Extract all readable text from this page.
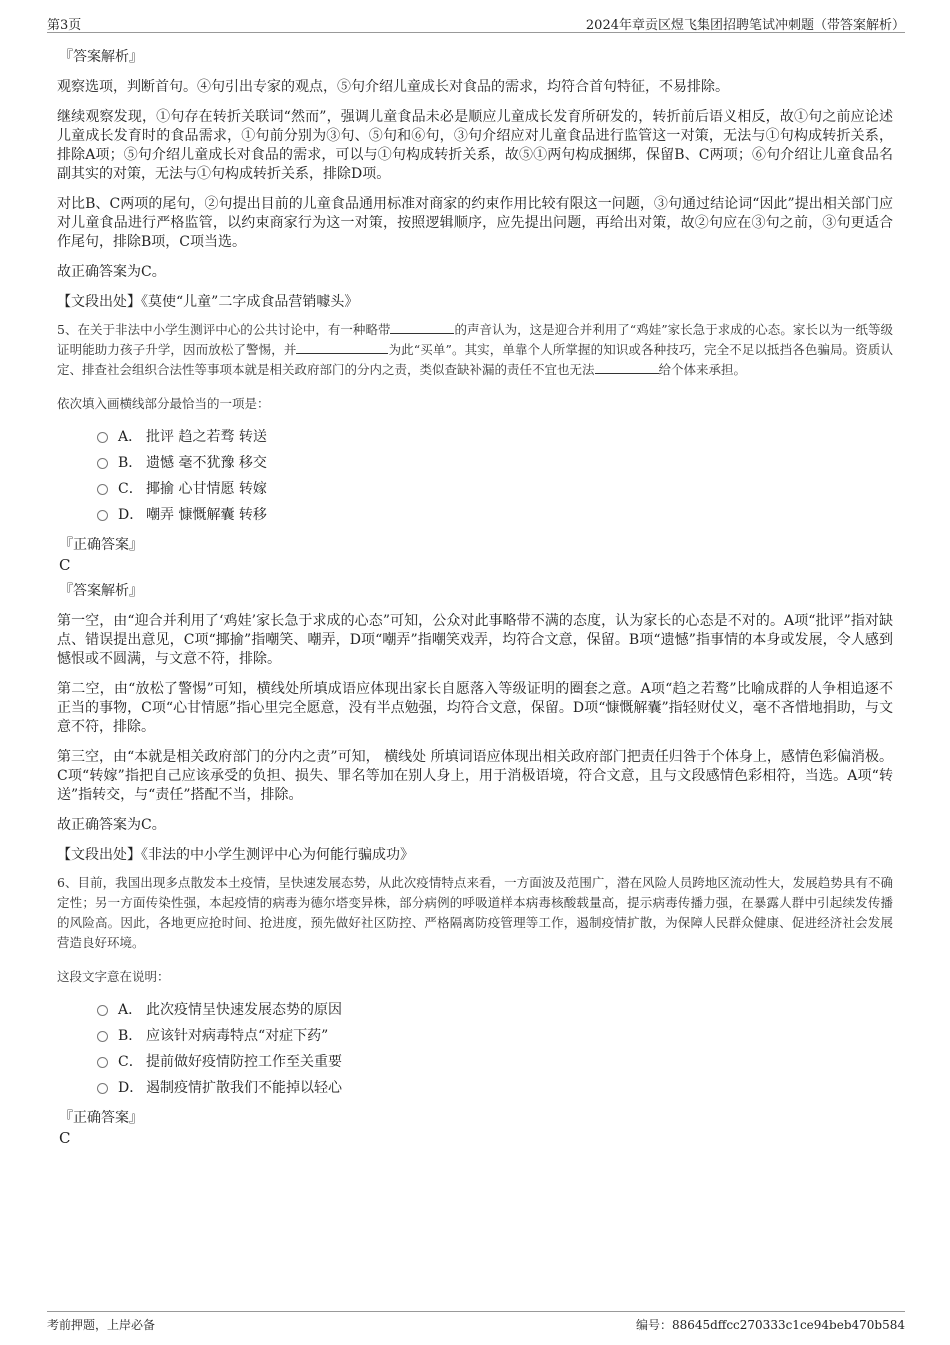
第3页	2024年章贡区煜飞集团招聘笔试冲刺题（带答案解析）
『答案解析』

观察选项，判断首句。④句引出专家的观点，⑤句介绍儿童成长对食品的需求，均符合首句特征，不易排除。

继续观察发现，①句存在转折关联词“然而”，强调儿童食品未必是顺应儿童成长发育所研发的，转折前后语义相反，故①句之前应论述儿童成长发育时的食品需求，①句前分别为③句、⑤句和⑥句，③句介绍应对儿童食品进行监管这一对策，无法与①句构成转折关系，排除A项；⑤句介绍儿童成长对食品的需求，可以与①句构成转折关系，故⑤①两句构成捆绑，保留B、C两项；⑥句介绍让儿童食品名副其实的对策，无法与①句构成转折关系，排除D项。

对比B、C两项的尾句，②句提出目前的儿童食品通用标准对商家的约束作用比较有限这一问题，③句通过结论词“因此”提出相关部门应对儿童食品进行严格监管，以约束商家行为这一对策，按照逻辑顺序，应先提出问题，再给出对策，故②句应在③句之前，③句更适合作尾句，排除B项，C项当选。

故正确答案为C。

【文段出处】《莫使“儿童”二字成食品营销噱头》
5、在关于非法中小学生测评中心的公共讨论中，有一种略带	的声音认为，这是迎合并利用了“鸡娃”家长急于求成的心态。家长以为一纸等级证明能助力孩子升学，因而放松了警惕，并	为此“买单”。其实，单靠个人所掌握的知识或各种技巧，完全不足以抵挡各色骗局。资质认定、排查社会组织合法性等事项本就是相关政府部门的分内之责，类似查缺补漏的责任不宜也无法	给个体来承担。
依次填入画横线部分最恰当的一项是：
A． 批评 趋之若骛 转送
B． 遗憾 毫不犹豫 移交
C． 揶揄 心甘情愿 转嫁
D． 嘲弄 慷慨解囊 转移
『正确答案』
C
『答案解析』

第一空，由“迎合并利用了‘鸡娃’家长急于求成的心态”可知，公众对此事略带不满的态度，认为家长的心态是不对的。A项“批评”指对缺点、错误提出意见，C项“揶揄”指嘲笑、嘲弄，D项“嘲弄”指嘲笑戏弄，均符合文意，保留。B项“遗憾”指事情的本身或发展，令人感到憾恨或不圆满，与文意不符，排除。

第二空，由“放松了警惕”可知，横线处所填成语应体现出家长自愿落入等级证明的圈套之意。A项“趋之若鹜”比喻成群的人争相追逐不正当的事物，C项“心甘情愿”指心里完全愿意，没有半点勉强，均符合文意，保留。D项“慷慨解囊”指轻财仗义，毫不吝惜地捐助，与文意不符，排除。

第三空，由“本就是相关政府部门的分内之责”可知， 横线处 所填词语应体现出相关政府部门把责任归咎于个体身上，感情色彩偏消极。C项“转嫁”指把自己应该承受的负担、损失、罪名等加在别人身上，用于消极语境，符合文意，且与文段感情色彩相符，当选。A项“转送”指转交，与“责任”搭配不当，排除。

故正确答案为C。

【文段出处】《非法的中小学生测评中心为何能行骗成功》
6、目前，我国出现多点散发本土疫情，呈快速发展态势，从此次疫情特点来看，一方面波及范围广，潜在风险人员跨地区流动性大，发展趋势具有不确定性；另一方面传染性强，本起疫情的病毒为德尔塔变异株，部分病例的呼吸道样本病毒核酸载量高，提示病毒传播力强，在暴露人群中引起续发传播的风险高。因此，各地更应抢时间、抢进度，预先做好社区防控、严格隔离防疫管理等工作，遏制疫情扩散，为保障人民群众健康、促进经济社会发展营造良好环境。
这段文字意在说明：
A． 此次疫情呈快速发展态势的原因
B． 应该针对病毒特点“对症下药”
C． 提前做好疫情防控工作至关重要
D． 遏制疫情扩散我们不能掉以轻心
『正确答案』
C
考前押题，上岸必备	编号：88645dffcc270333c1ce94beb470b584
